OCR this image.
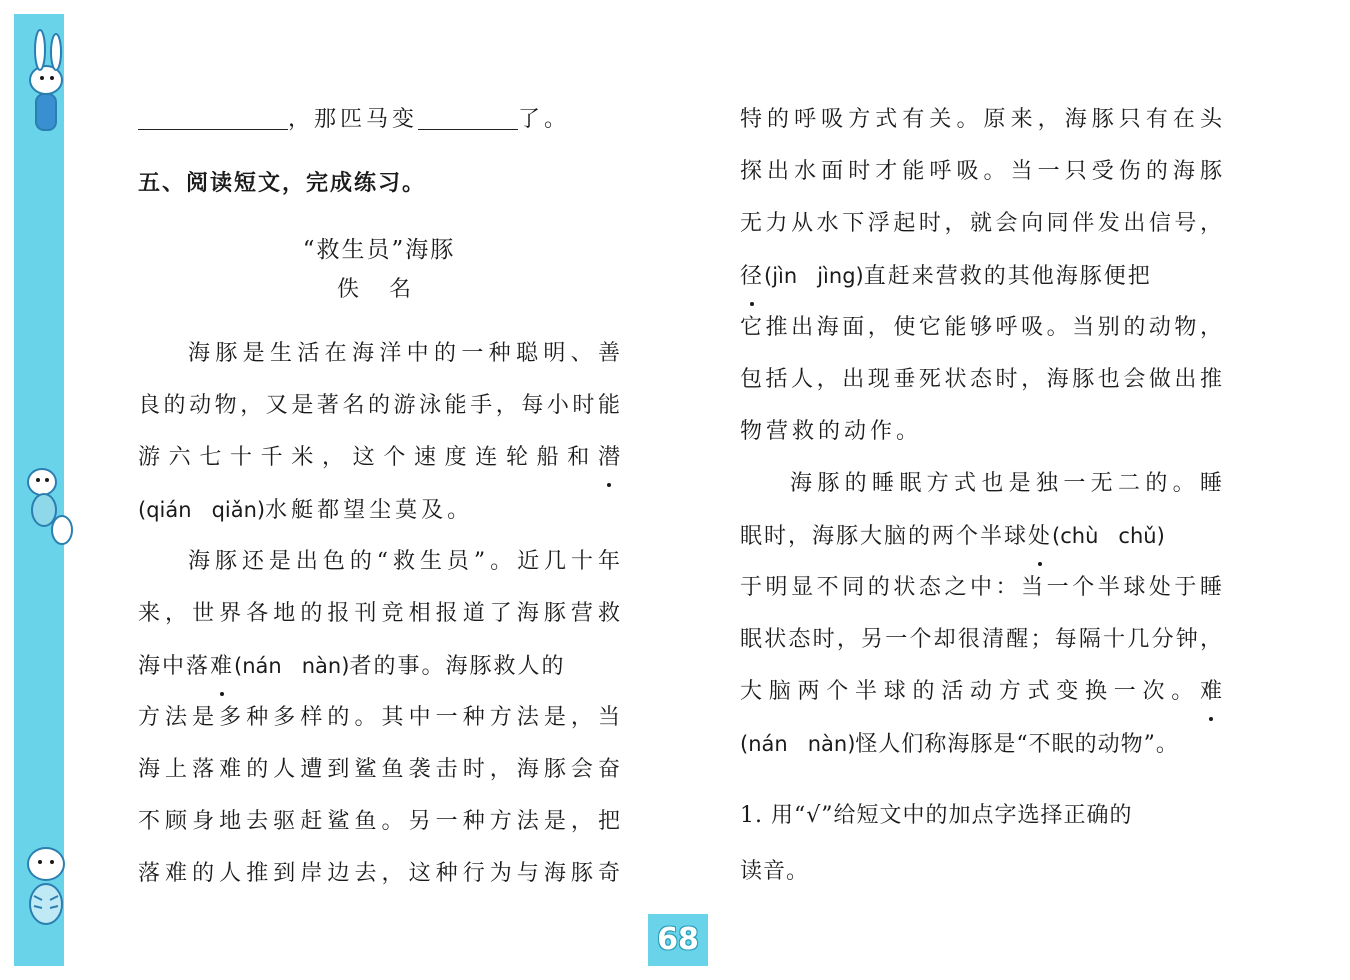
，那匹马变	了。
五、阅读短文，完成练习。
“救生员”海豚
佚名
海豚是生活在海洋中的一种聪明、善
良的动物，又是著名的游泳能手，每小时能
游六七十千米，这个速度连轮船和潜
(qián qiǎn)水艇都望尘莫及。
海豚还是出色的“救生员”。近几十年
来，世界各地的报刊竞相报道了海豚营救
海中落难(nán nàn)者的事。海豚救人的
方法是多种多样的。其中一种方法是，当
海上落难的人遭到鲨鱼袭击时，海豚会奋
不顾身地去驱赶鲨鱼。另一种方法是，把
落难的人推到岸边去，这种行为与海豚奇
特的呼吸方式有关。原来，海豚只有在头
探出水面时才能呼吸。当一只受伤的海豚
无力从水下浮起时，就会向同伴发出信号，
径(jìn jìng)直赶来营救的其他海豚便把
它推出海面，使它能够呼吸。当别的动物，
包括人，出现垂死状态时，海豚也会做出推
物营救的动作。
海豚的睡眠方式也是独一无二的。睡
眠时，海豚大脑的两个半球处(chù chǔ)
于明显不同的状态之中：当一个半球处于睡
眠状态时，另一个却很清醒；每隔十几分钟，
大脑两个半球的活动方式变换一次。难
(nán nàn)怪人们称海豚是“不眠的动物”。
1. 用“√”给短文中的加点字选择正确的
读音。
68
